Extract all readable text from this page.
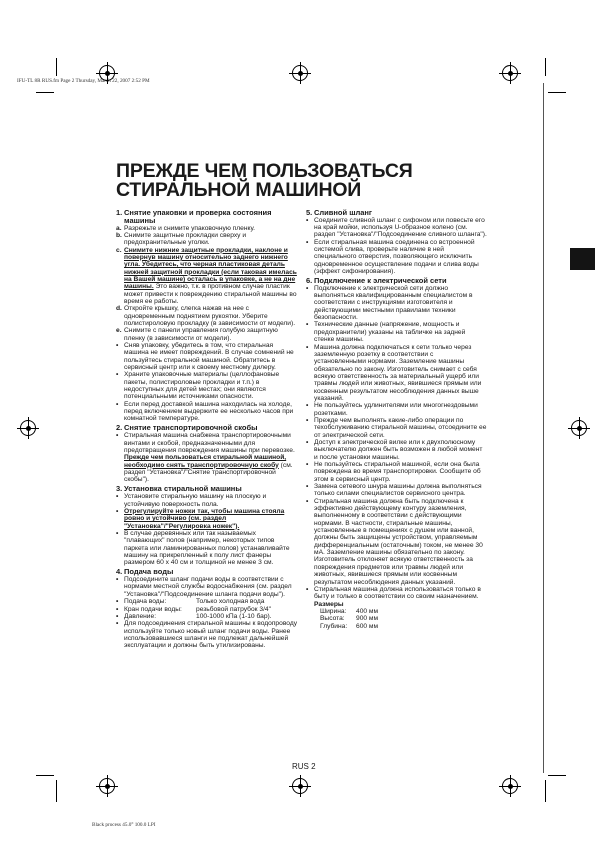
IFU-TL 8R RUS.fm Page 2 Thursday, March 22, 2007 2:52 PM
Black process 45.0° 100.0 LPI
ПРЕЖДЕ ЧЕМ ПОЛЬЗОВАТЬСЯ
СТИРАЛЬНОЙ МАШИНОЙ
1. Снятие упаковки и проверка состояния машины
a. Разрежьте и снимите упаковочную пленку.
b. Снимите защитные прокладки сверху и предохранительные уголки.
c. Снимите нижние защитные прокладки, наклоне и повернув машину относительно заднего нижнего угла. Убедитесь, что черная пластиковая деталь нижней защитной прокладки (если таковая имелась на Вашей машине) осталась в упаковке, а не на дне машины. Это важно, т.к. в противном случае пластик может привести к повреждению стиральной машины во время ее работы.
d. Откройте крышку, слегка нажав на нее с одновременным поднятием рукоятки. Уберите полистироловую прокладку (в зависимости от модели).
e. Снимите с панели управления голубую защитную пленку (в зависимости от модели).
• Сняв упаковку, убедитесь в том, что стиральная машина не имеет повреждений. В случае сомнений не пользуйтесь стиральной машиной. Обратитесь в сервисный центр или к своему местному дилеру.
• Храните упаковочные материалы (целлофановые пакеты, полистироловые прокладки и т.п.) в недоступных для детей местах; они являются потенциальными источниками опасности.
• Если перед доставкой машина находилась на холоде, перед включением выдержите ее несколько часов при комнатной температуре.
2. Снятие транспортировочной скобы
• Стиральная машина снабжена транспортировочными винтами и скобой, предназначенными для предотвращения повреждения машины при перевозке. Прежде чем пользоваться стиральной машиной, необходимо снять транспортировочную скобу (см. раздел "Установка"/"Снятие транспортировочной скобы").
3. Установка стиральной машины
• Установите стиральную машину на плоскую и устойчивую поверхность пола.
• Отрегулируйте ножки так, чтобы машина стояла ровно и устойчиво (см. раздел "Установка"/"Регулировка ножек").
• В случае деревянных или так называемых "плавающих" полов (например, некоторых типов паркета или ламинированных полов) устанавливайте машину на прикрепленный к полу лист фанеры размером 60 x 40 см и толщиной не менее 3 см.
4. Подача воды
• Подсоедините шланг подачи воды в соответствии с нормами местной службы водоснабжения (см. раздел "Установка"/"Подсоединение шланга подачи воды").
• Подача воды:	Только холодная вода
• Кран подачи воды: резьбовой патрубок 3/4"
• Давление:	100-1000 кПа (1-10 бар).
• Для подсоединения стиральной машины к водопроводу используйте только новый шланг подачи воды. Ранее использовавшиеся шланги не подлежат дальнейшей эксплуатации и должны быть утилизированы.
5. Сливной шланг
• Соедините сливной шланг с сифоном или повесьте его на край мойки, используя U-образное колено (см. раздел "Установка"/"Подсоединение сливного шланга").
• Если стиральная машина соединена со встроенной системой слива, проверьте наличие в ней специального отверстия, позволяющего исключить одновременное осуществление подачи и слива воды (эффект сифонирования).
6. Подключение к электрической сети
• Подключение к электрической сети должно выполняться квалифицированным специалистом в соответствии с инструкциями изготовителя и действующими местными правилами техники безопасности.
• Технические данные (напряжение, мощность и предохранители) указаны на табличке на задней стенке машины.
• Машина должна подключаться к сети только через заземленную розетку в соответствии с установленными нормами. Заземление машины обязательно по закону. Изготовитель снимает с себя всякую ответственность за материальный ущерб или травмы людей или животных, явившиеся прямым или косвенным результатом несоблюдения данных выше указаний.
• Не пользуйтесь удлинителями или многогнездовыми розетками.
• Прежде чем выполнять какие-либо операции по техобслуживанию стиральной машины, отсоедините ее от электрической сети.
• Доступ к электрической вилке или к двухполюсному выключателю должен быть возможен в любой момент и после установки машины.
• Не пользуйтесь стиральной машиной, если она была повреждена во время транспортировки. Сообщите об этом в сервисный центр.
• Замена сетевого шнура машины должна выполняться только силами специалистов сервисного центра.
• Стиральная машина должна быть подключена к эффективно действующему контуру заземления, выполненному в соответствии с действующими нормами. В частности, стиральные машины, установленные в помещениях с душем или ванной, должны быть защищены устройством, управляемым дифференциальным (остаточным) током, не менее 30 мА. Заземление машины обязательно по закону. Изготовитель отклоняет всякую ответственность за повреждения предметов или травмы людей или животных, явившиеся прямым или косвенным результатом несоблюдения данных указаний.
• Стиральная машина должна использоваться только в быту и только в соответствии со своим назначением.
Размеры
Ширина:	400 мм
Высота:	900 мм
Глубина:	600 мм
RUS 2
